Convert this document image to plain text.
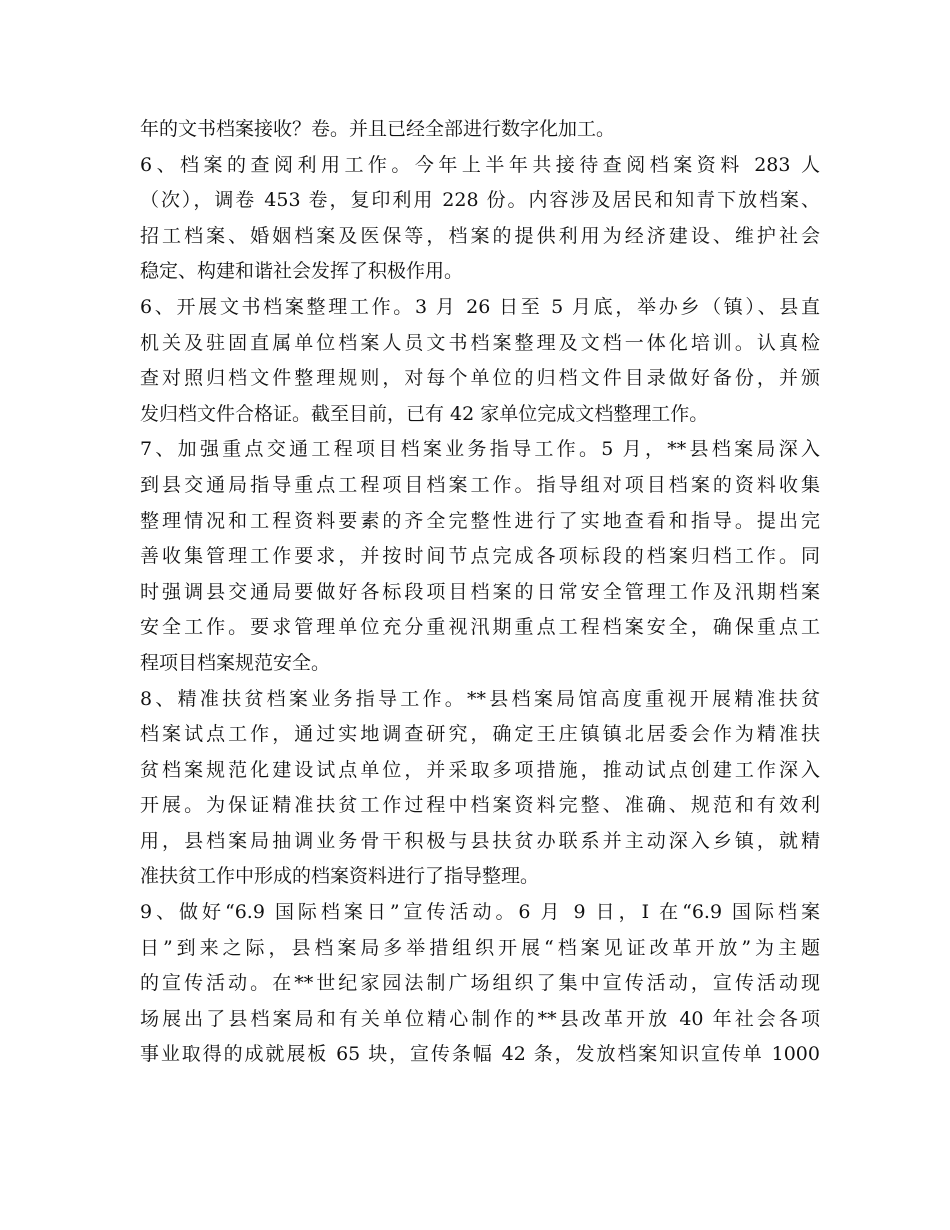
年的文书档案接收？卷。并且已经全部进行数字化加工。
6、档案的查阅利用工作。今年上半年共接待查阅档案资料 283 人
（次），调卷 453 卷，复印利用 228 份。内容涉及居民和知青下放档案、
招工档案、婚姻档案及医保等，档案的提供利用为经济建设、维护社会
稳定、构建和谐社会发挥了积极作用。
6、开展文书档案整理工作。3 月 26 日至 5 月底，举办乡（镇）、县直
机关及驻固直属单位档案人员文书档案整理及文档一体化培训。认真检
查对照归档文件整理规则，对每个单位的归档文件目录做好备份，并颁
发归档文件合格证。截至目前，已有 42 家单位完成文档整理工作。
7、加强重点交通工程项目档案业务指导工作。5 月，**县档案局深入
到县交通局指导重点工程项目档案工作。指导组对项目档案的资料收集
整理情况和工程资料要素的齐全完整性进行了实地查看和指导。提出完
善收集管理工作要求，并按时间节点完成各项标段的档案归档工作。同
时强调县交通局要做好各标段项目档案的日常安全管理工作及汛期档案
安全工作。要求管理单位充分重视汛期重点工程档案安全，确保重点工
程项目档案规范安全。
8、精准扶贫档案业务指导工作。**县档案局馆高度重视开展精准扶贫
档案试点工作，通过实地调查研究，确定王庄镇镇北居委会作为精准扶
贫档案规范化建设试点单位，并采取多项措施，推动试点创建工作深入
开展。为保证精准扶贫工作过程中档案资料完整、准确、规范和有效利
用，县档案局抽调业务骨干积极与县扶贫办联系并主动深入乡镇，就精
准扶贫工作中形成的档案资料进行了指导整理。
9、做好“6.9 国际档案日”宣传活动。6 月 9 日，I 在“6.9 国际档案
日”到来之际，县档案局多举措组织开展“档案见证改革开放”为主题
的宣传活动。在**世纪家园法制广场组织了集中宣传活动，宣传活动现
场展出了县档案局和有关单位精心制作的**县改革开放 40 年社会各项
事业取得的成就展板 65 块，宣传条幅 42 条，发放档案知识宣传单 1000
